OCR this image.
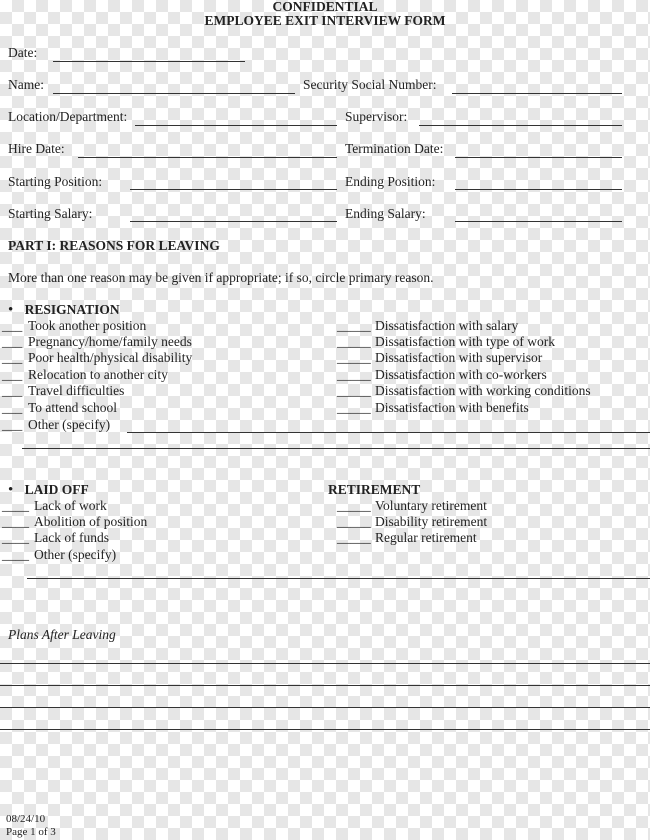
CONFIDENTIAL
EMPLOYEE EXIT INTERVIEW FORM
Date:
Name:	Security Social Number:
Location/Department:	Supervisor:
Hire Date:	Termination Date:
Starting Position:	Ending Position:
Starting Salary:	Ending Salary:
PART I: REASONS FOR LEAVING
More than one reason may be given if appropriate; if so, circle primary reason.
• RESIGNATION
___ Took another position
___ Pregnancy/home/family needs
___ Poor health/physical disability
___ Relocation to another city
___ Travel difficulties
___ To attend school
___ Other (specify)
_____ Dissatisfaction with salary
_____ Dissatisfaction with type of work
_____ Dissatisfaction with supervisor
_____ Dissatisfaction with co-workers
_____ Dissatisfaction with working conditions
_____ Dissatisfaction with benefits
• LAID OFF
____ Lack of work
____ Abolition of position
____ Lack of funds
____ Other (specify)
RETIREMENT
_____ Voluntary retirement
_____ Disability retirement
_____ Regular retirement
Plans After Leaving
08/24/10
Page 1 of 3
